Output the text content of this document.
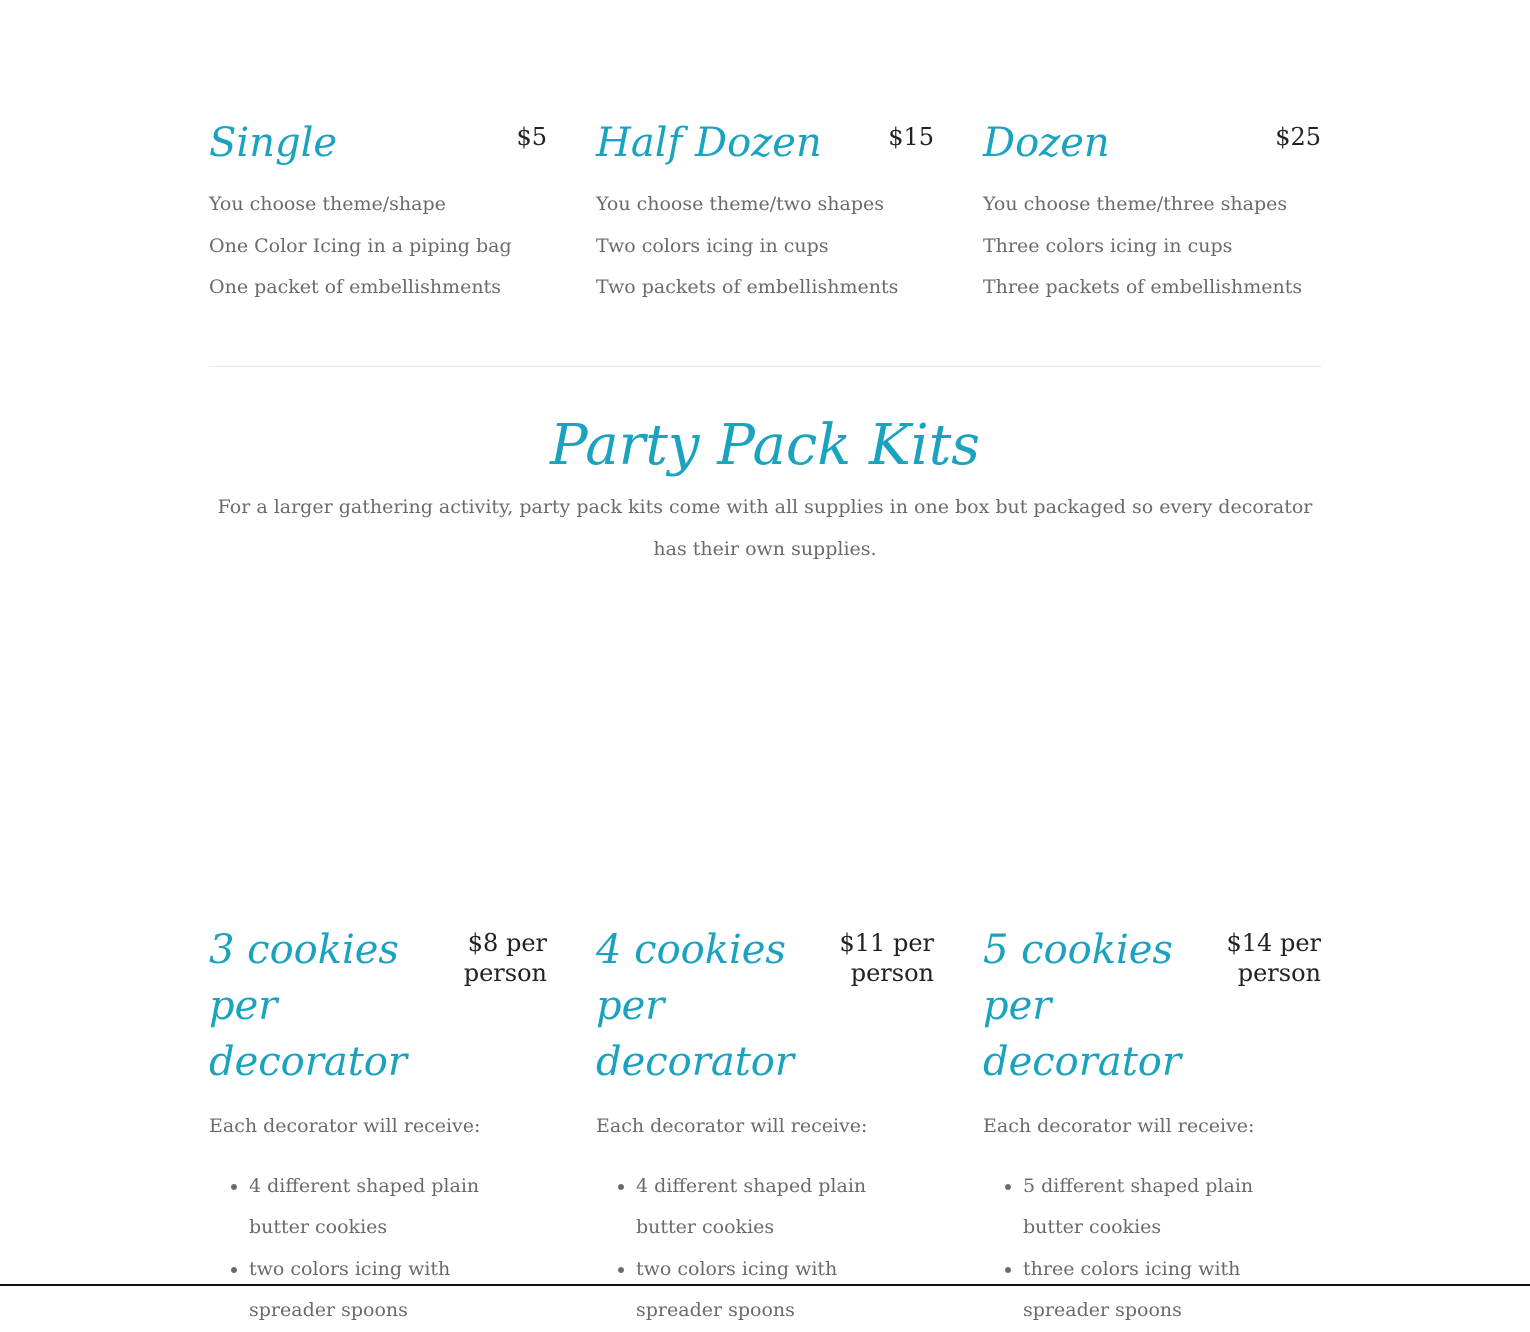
Single	$5

You choose theme/shape

One Color Icing in a piping bag

One packet of embellishments

Half Dozen	$15

You choose theme/two shapes

Two colors icing in cups

Two packets of embellishments

Dozen	$25

You choose theme/three shapes

Three colors icing in cups

Three packets of embellishments

Party Pack Kits

For a larger gathering activity, party pack kits come with all supplies in one box but packaged so every decorator has their own supplies.

3 cookies per decorator
$8 per person

Each decorator will receive:

• 4 different shaped plain butter cookies
• two colors icing with spreader spoons
4 cookies per decorator
$11 per person

Each decorator will receive:

• 4 different shaped plain butter cookies
• two colors icing with spreader spoons
5 cookies per decorator
$14 per person

Each decorator will receive:

• 5 different shaped plain butter cookies
• three colors icing with spreader spoons
